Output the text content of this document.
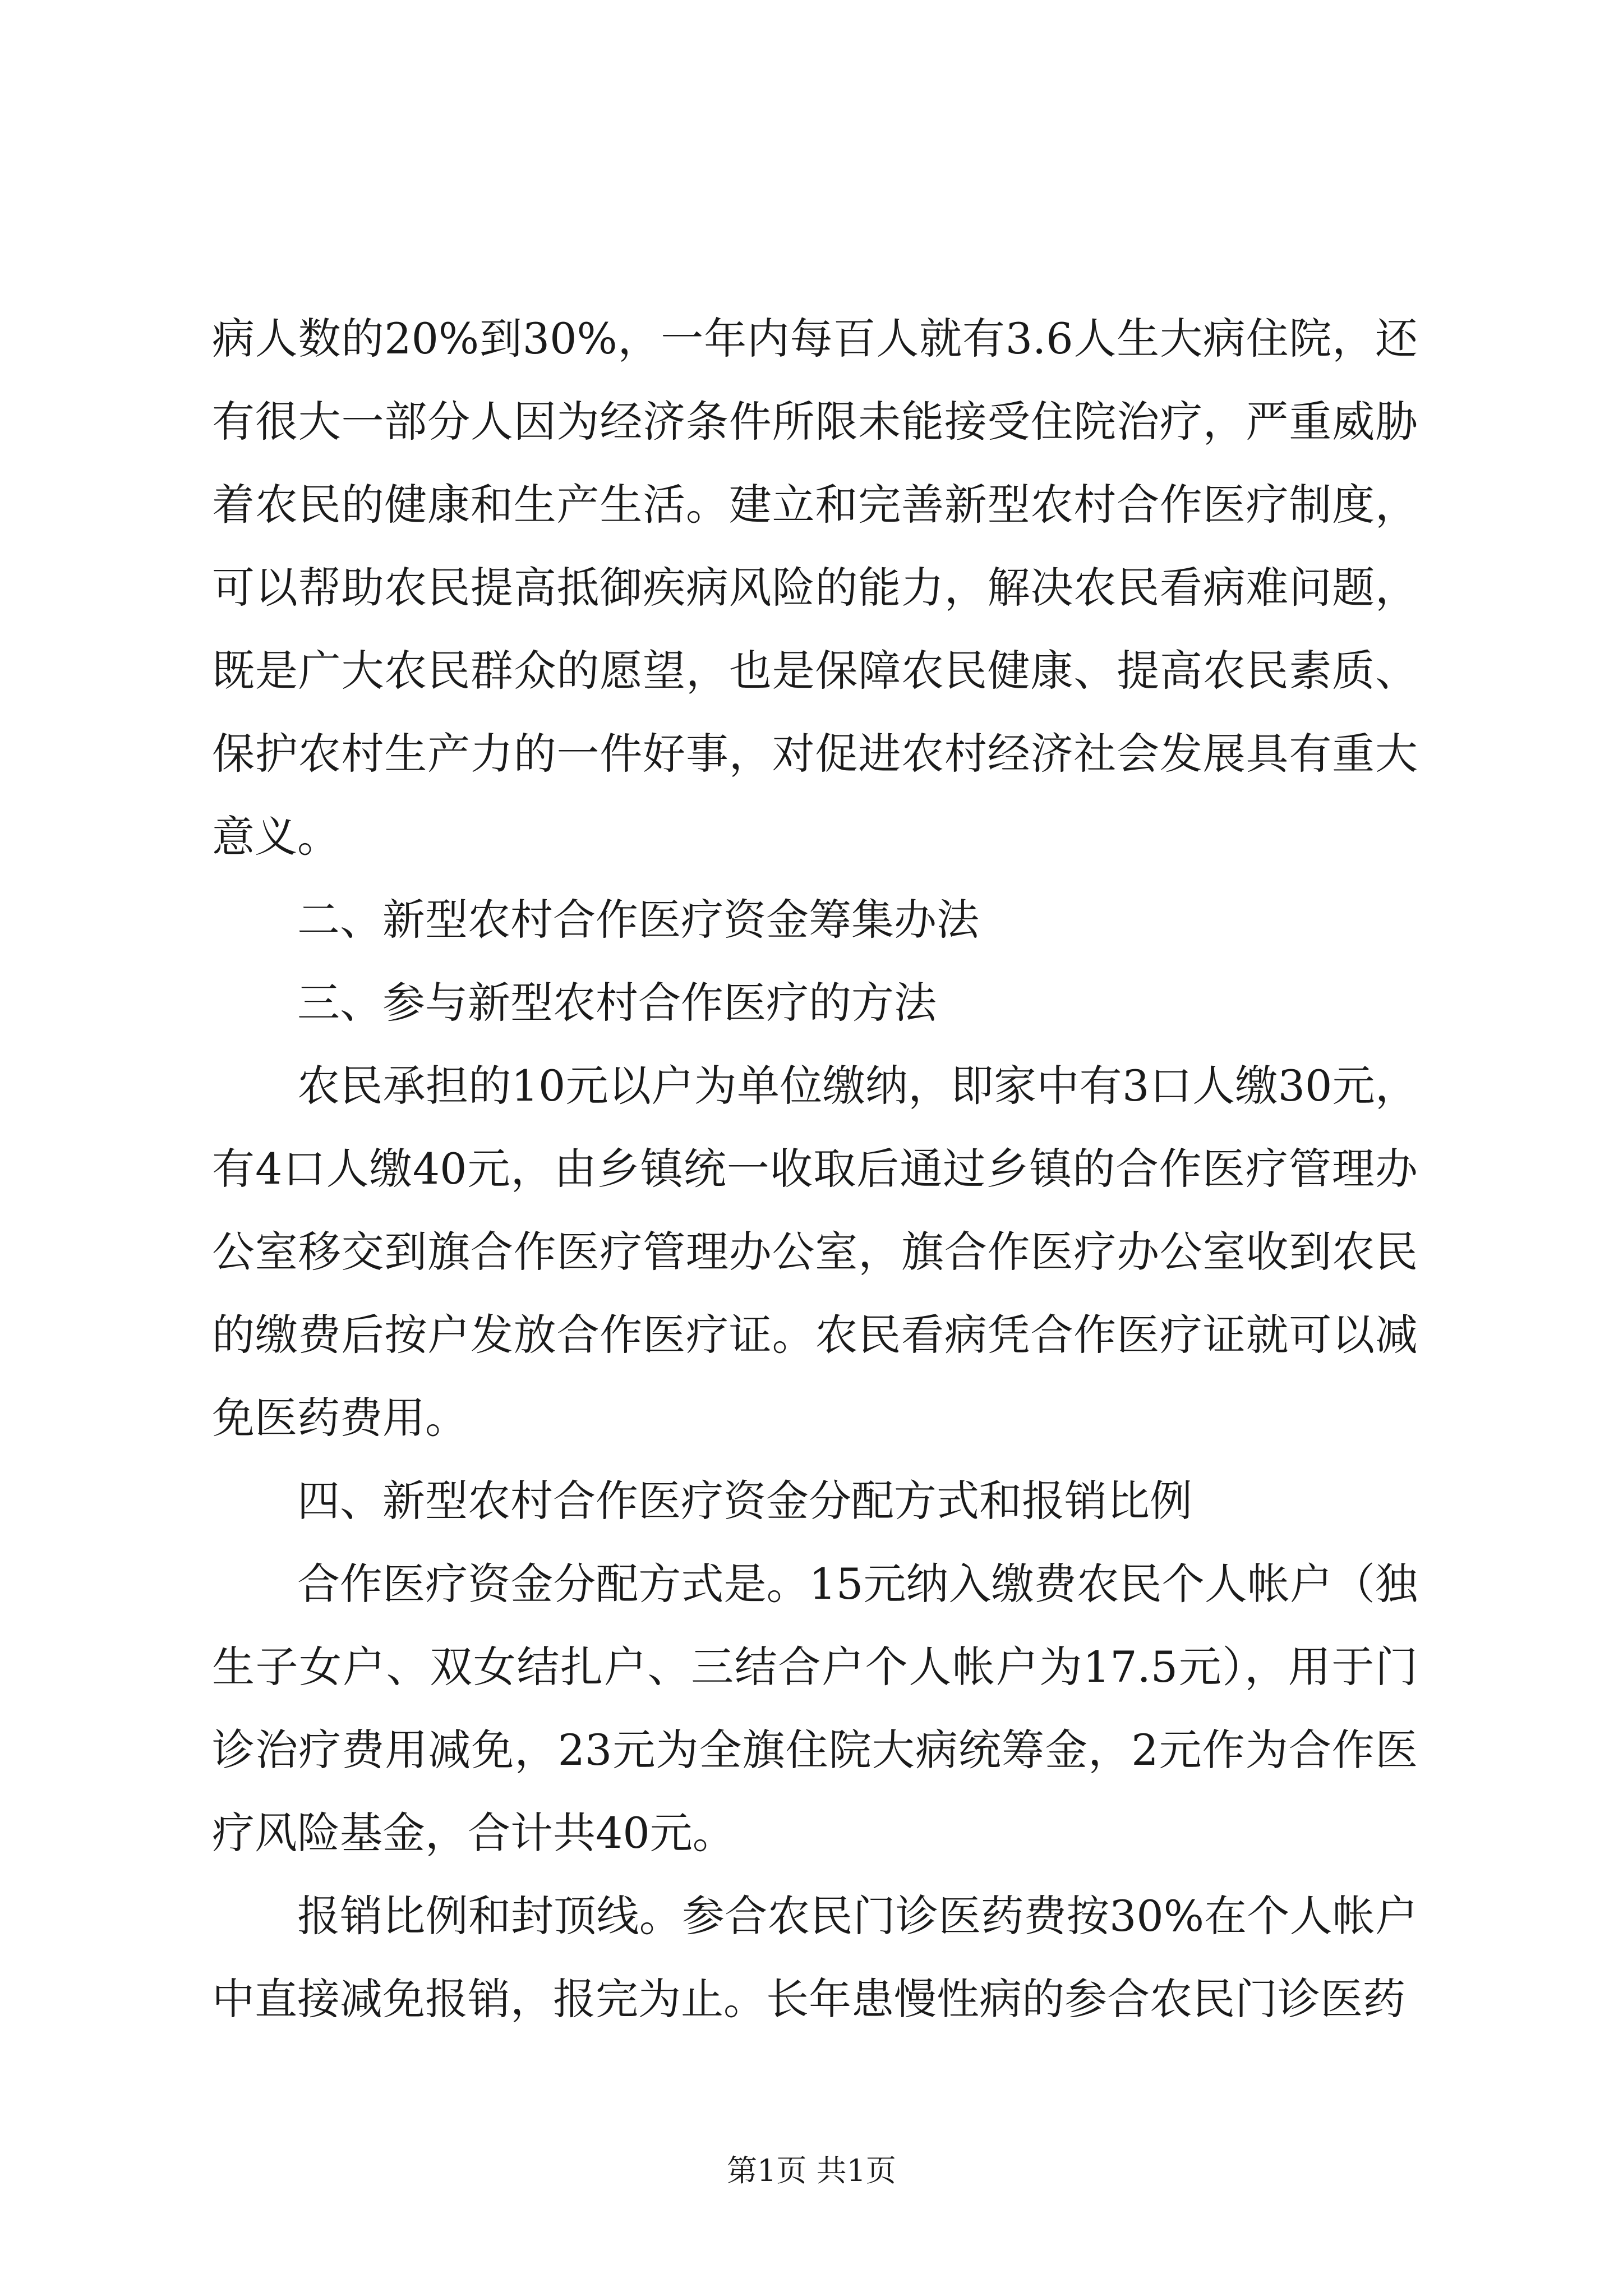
病人数的20%到30%，一年内每百人就有3.6人生大病住院，还有很大一部分人因为经济条件所限未能接受住院治疗，严重威胁着农民的健康和生产生活。建立和完善新型农村合作医疗制度，可以帮助农民提高抵御疾病风险的能力，解决农民看病难问题，既是广大农民群众的愿望，也是保障农民健康、提高农民素质、保护农村生产力的一件好事，对促进农村经济社会发展具有重大意义。

二、新型农村合作医疗资金筹集办法

三、参与新型农村合作医疗的方法

农民承担的10元以户为单位缴纳，即家中有3口人缴30元，有4口人缴40元，由乡镇统一收取后通过乡镇的合作医疗管理办公室移交到旗合作医疗管理办公室，旗合作医疗办公室收到农民的缴费后按户发放合作医疗证。农民看病凭合作医疗证就可以减免医药费用。

四、新型农村合作医疗资金分配方式和报销比例

合作医疗资金分配方式是。15元纳入缴费农民个人帐户（独生子女户、双女结扎户、三结合户个人帐户为17.5元），用于门诊治疗费用减免，23元为全旗住院大病统筹金，2元作为合作医疗风险基金，合计共40元。

报销比例和封顶线。参合农民门诊医药费按30%在个人帐户中直接减免报销，报完为止。长年患慢性病的参合农民门诊医药

第1页 共1页
